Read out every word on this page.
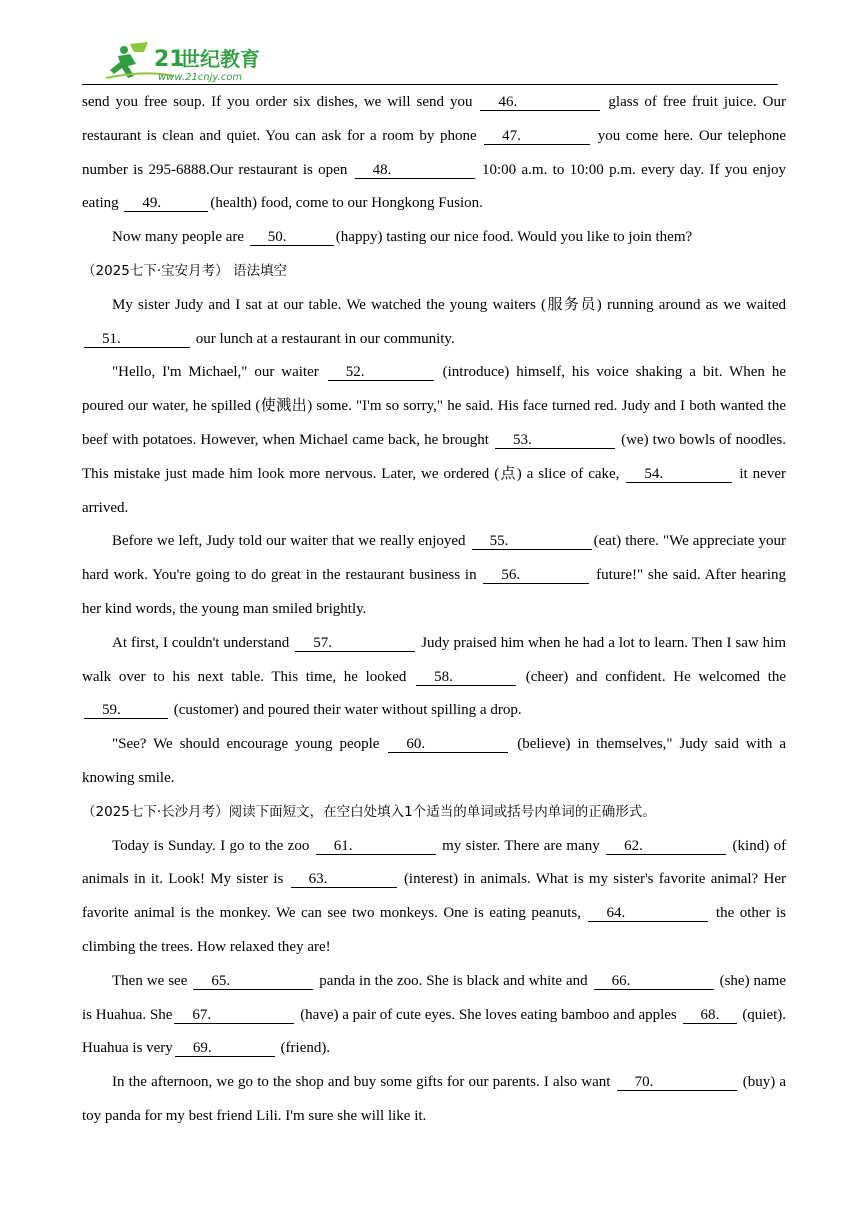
21
世纪教育
www.21cnjy.com

send you free soup. If you order six dishes, we will send you 46.	glass of free fruit juice. Our restaurant is clean and quiet. You can ask for a room by phone 47.	you come here. Our telephone number is 295-6888.Our restaurant is open 48.	10:00 a.m. to 10:00 p.m. every day. If you enjoy eating 49.	(health) food, come to our Hongkong Fusion.

Now many people are 50.	(happy) tasting our nice food. Would you like to join them?

（2025七下·宝安月考） 语法填空

My sister Judy and I sat at our table. We watched the young waiters (服务员) running around as we waited 51.	our lunch at a restaurant in our community.

"Hello, I'm Michael," our waiter 52.	(introduce) himself, his voice shaking a bit. When he poured our water, he spilled (使溅出) some. "I'm so sorry," he said. His face turned red. Judy and I both wanted the beef with potatoes. However, when Michael came back, he brought 53.	(we) two bowls of noodles. This mistake just made him look more nervous. Later, we ordered (点) a slice of cake, 54.	it never arrived.

Before we left, Judy told our waiter that we really enjoyed 55.	(eat) there. "We appreciate your hard work. You're going to do great in the restaurant business in 56.	future!" she said. After hearing her kind words, the young man smiled brightly.

At first, I couldn't understand 57.	Judy praised him when he had a lot to learn. Then I saw him walk over to his next table. This time, he looked 58.	(cheer) and confident. He welcomed the 59.	(customer) and poured their water without spilling a drop.

"See? We should encourage young people 60.	(believe) in themselves," Judy said with a knowing smile.

（2025七下·长沙月考）阅读下面短文，在空白处填入1个适当的单词或括号内单词的正确形式。

Today is Sunday. I go to the zoo 61.	my sister. There are many 62.	(kind) of animals in it. Look! My sister is 63.	(interest) in animals. What is my sister's favorite animal? Her favorite animal is the monkey. We can see two monkeys. One is eating peanuts, 64.	the other is climbing the trees. How relaxed they are!

Then we see 65.	panda in the zoo. She is black and white and 66.	(she) name is Huahua. She 67.	(have) a pair of cute eyes. She loves eating bamboo and apples 68. (quiet). Huahua is very 69.	(friend).

In the afternoon, we go to the shop and buy some gifts for our parents. I also want 70.	(buy) a toy panda for my best friend Lili. I'm sure she will like it.
